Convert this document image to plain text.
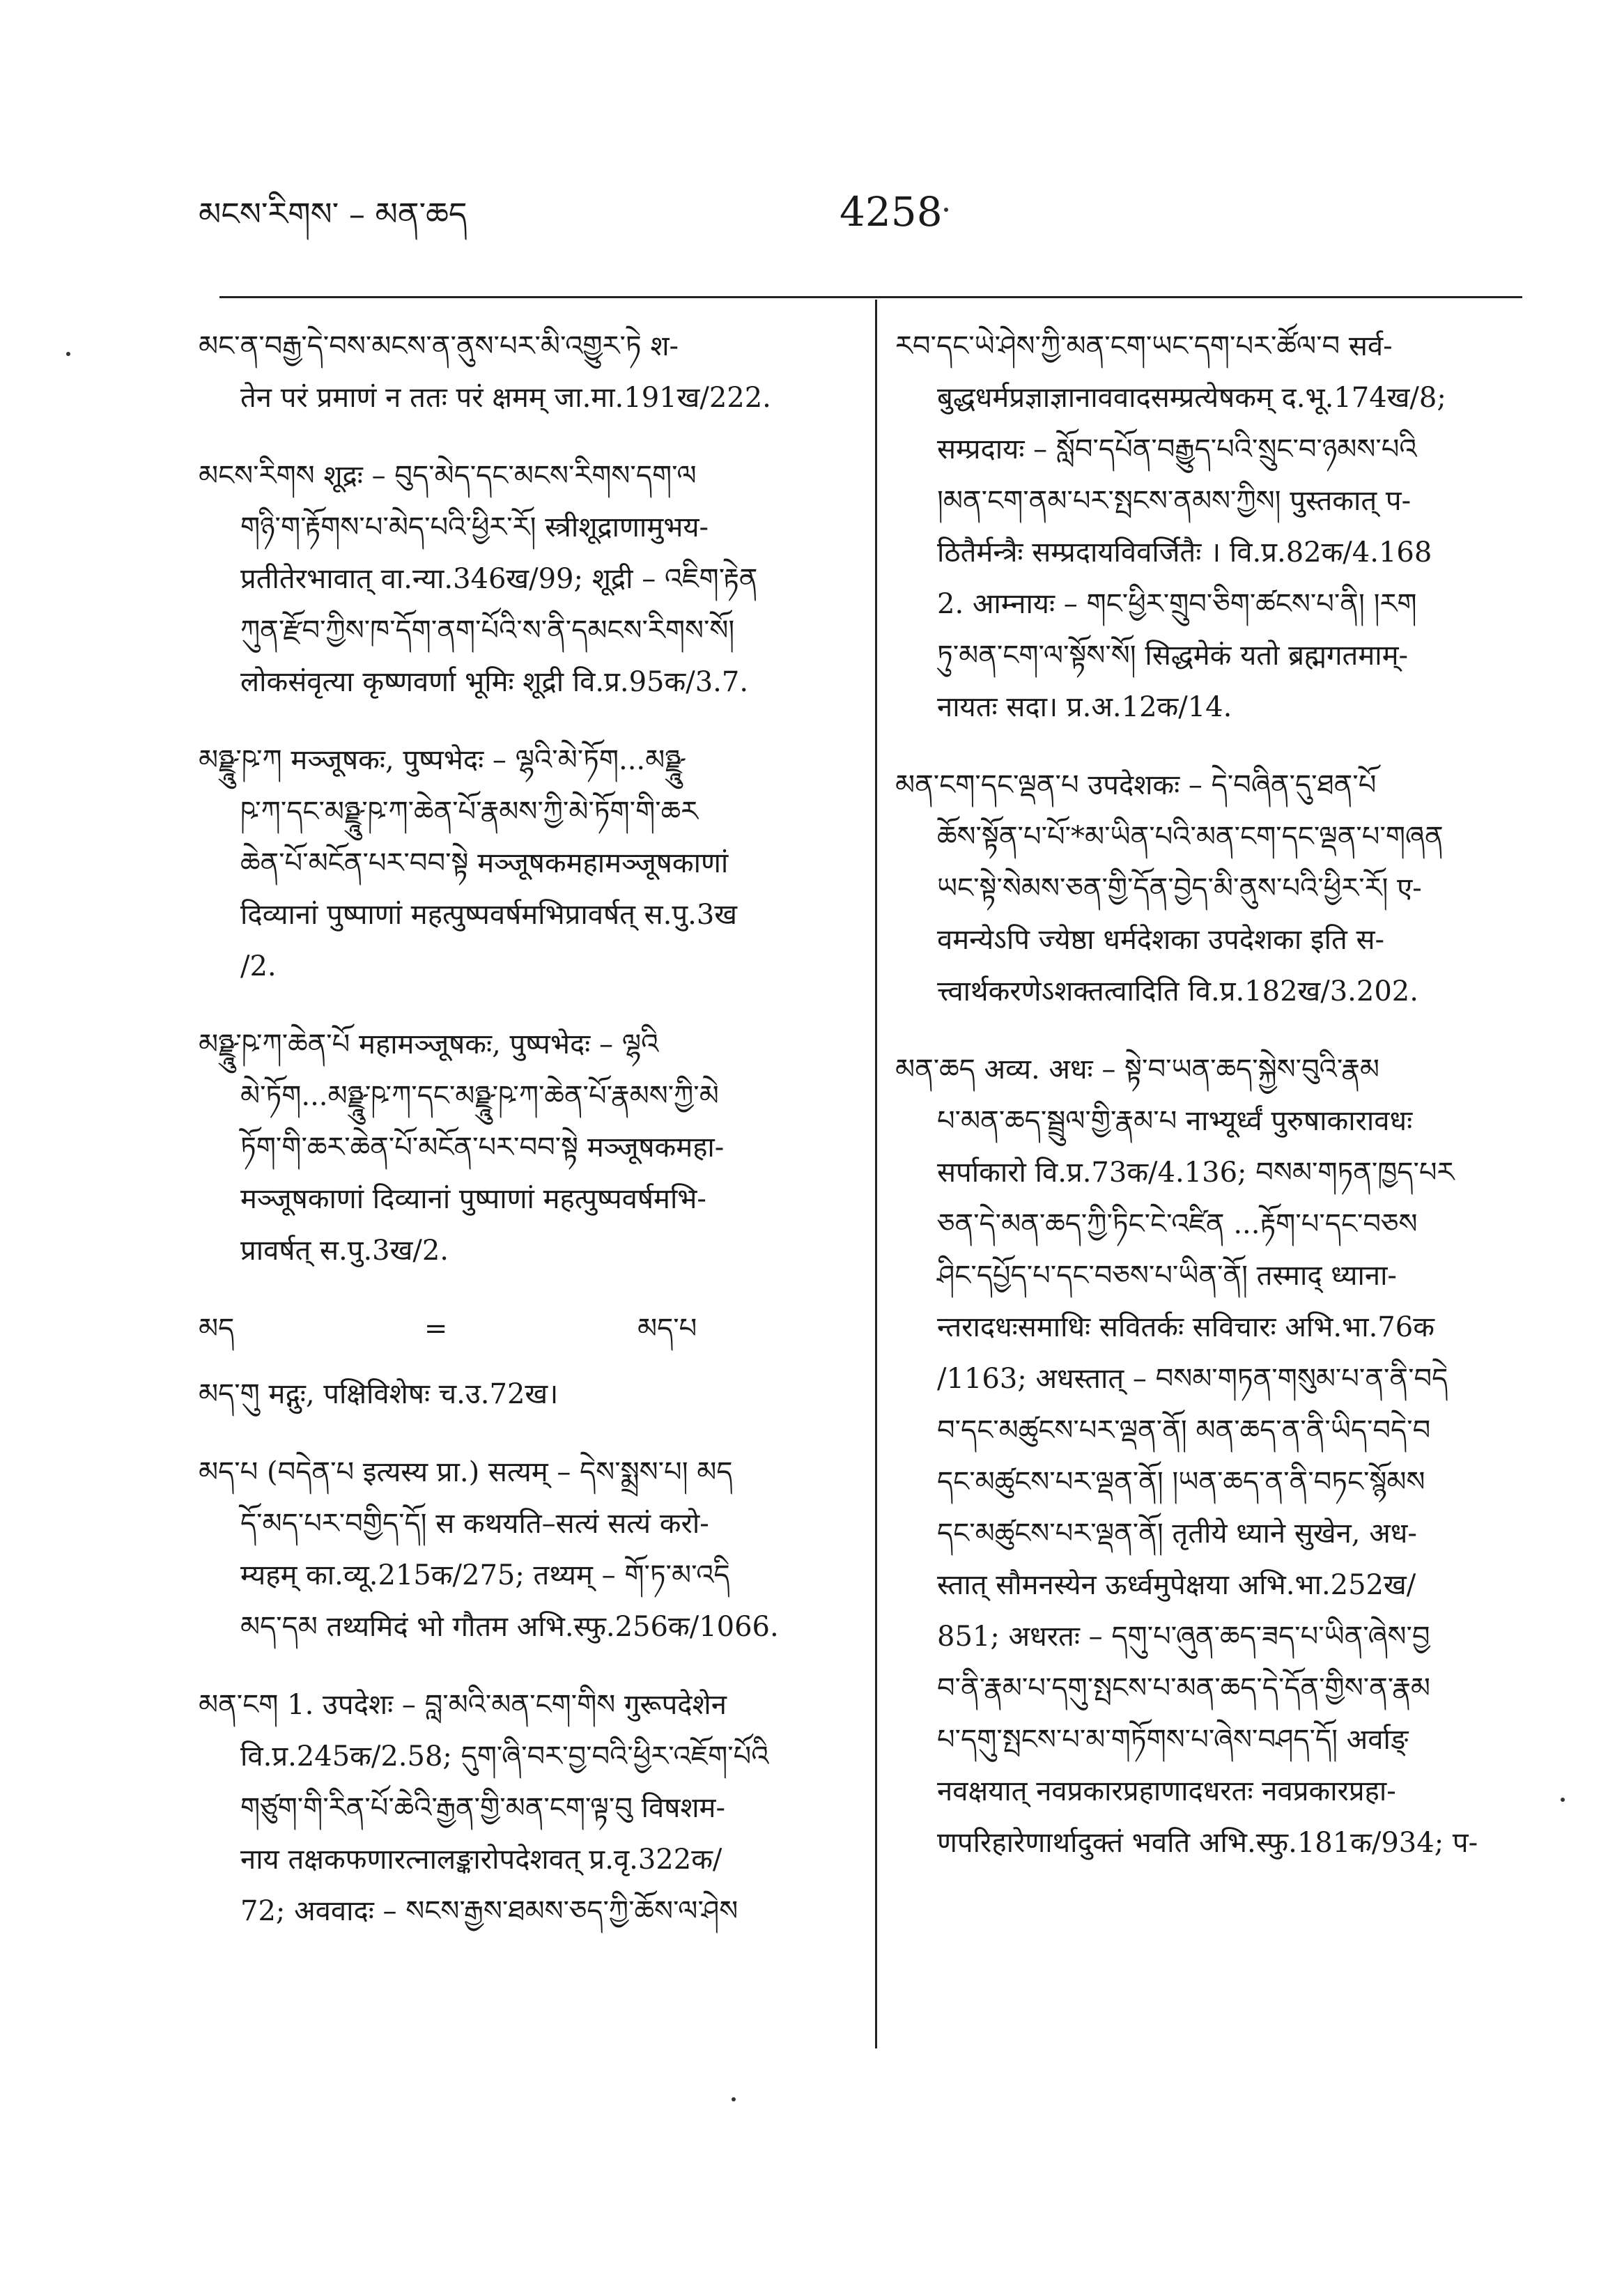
མངས་རིགས་ – མན་ཆད	4258

མང་ན་བརྒྱ་དེ་བས་མངས་ན་ནུས་པར་མི་འགྱུར་ཏེ श-

तेन परं प्रमाणं न ततः परं क्षमम् जा.मा.191ख/222.

མངས་རིགས शूद्रः – བུད་མེད་དང་མངས་རིགས་དག་ལ

གཉི་ག་རྟོགས་པ་མེད་པའི་ཕྱིར་རོ། स्त्रीशूद्राणामुभय-

प्रतीतेरभावात् वा.न्या.346ख/99; शूद्री – འཇིག་རྟེན

ཀུན་རྫོབ་ཀྱིས་ཁ་དོག་ནག་པོའི་ས་ནི་དམངས་རིགས་སོ།

लोकसंवृत्या कृष्णवर्णा भूमिः शूद्री वि.प्र.95क/3.7.

མཉྫཱུ་ཥ་ཀ मञ्जूषकः, पुष्पभेदः – ལྷའི་མེ་ཏོག...མཉྫཱུ

ཥ་ཀ་དང་མཉྫཱུ་ཥ་ཀ་ཆེན་པོ་རྣམས་ཀྱི་མེ་ཏོག་གི་ཆར

ཆེན་པོ་མངོན་པར་བབ་སྟེ मञ्जूषकमहामञ्जूषकाणां

दिव्यानां पुष्पाणां महत्पुष्पवर्षमभिप्रावर्षत् स.पु.3ख

/2.

མཉྫཱུ་ཥ་ཀ་ཆེན་པོ महामञ्जूषकः, पुष्पभेदः – ལྷའི

མེ་ཏོག...མཉྫཱུ་ཥ་ཀ་དང་མཉྫཱུ་ཥ་ཀ་ཆེན་པོ་རྣམས་ཀྱི་མེ

ཏོག་གི་ཆར་ཆེན་པོ་མངོན་པར་བབ་སྟེ मञ्जूषकमहा-

मञ्जूषकाणां दिव्यानां पुष्पाणां महत्पुष्पवर्षमभि-

प्रावर्षत् स.पु.3ख/2.

མད	=	མད་པ

མད་གུ मद्गुः, पक्षिविशेषः च.उ.72ख।

མད་པ (བདེན་པ इत्यस्य प्रा.) सत्यम् – དེས་སྨྲས་པ། མད

དོ་མད་པར་བགྱིད་དོ། स कथयति–सत्यं सत्यं करो-

म्यहम् का.व्यू.215क/275; तथ्यम् – གོ་ཏ་མ་འདི

མད་དམ तथ्यमिदं भो गौतम अभि.स्फु.256क/1066.

མན་ངག 1. उपदेशः – བླ་མའི་མན་ངག་གིས गुरूपदेशेन

वि.प्र.245क/2.58; དུག་ཞི་བར་བྱ་བའི་ཕྱིར་འཇོག་པོའི

གཙུག་གི་རིན་པོ་ཆེའི་རྒྱན་གྱི་མན་ངག་ལྟ་བུ विषशम-

नाय तक्षकफणारत्नालङ्कारोपदेशवत् प्र.वृ.322क/

72; अववादः – སངས་རྒྱས་ཐམས་ཅད་ཀྱི་ཆོས་ལ་ཤེས

རབ་དང་ཡེ་ཤེས་ཀྱི་མན་ངག་ཡང་དག་པར་ཚོལ་བ सर्व-

बुद्धधर्मप्रज्ञाज्ञानाववादसम्प्रत्येषकम् द.भू.174ख/8;

सम्प्रदायः – སློབ་དཔོན་བརྒྱུད་པའི་སྲུང་བ་ཉམས་པའི

།མན་ངག་ནམ་པར་སྤངས་ནམས་ཀྱིས། पुस्तकात् प-

ठितैर्मन्त्रैः सम्प्रदायविवर्जितैः । वि.प्र.82क/4.168

2. आम्नायः – གང་ཕྱིར་གྲུབ་ཅིག་ཚངས་པ་ནི། །རག

ཏུ་མན་ངག་ལ་སྟོས་སོ། सिद्धमेकं यतो ब्रह्मगतमाम्-

नायतः सदा। प्र.अ.12क/14.

མན་ངག་དང་ལྡན་པ उपदेशकः – དེ་བཞིན་དུ་ཐན་པོ

ཆོས་སྟོན་པ་པོ་*མ་ཡིན་པའི་མན་ངག་དང་ལྡན་པ་གཞན

ཡང་སྟེ་སེམས་ཅན་གྱི་དོན་བྱེད་མི་ནུས་པའི་ཕྱིར་རོ། ए-

वमन्येऽपि ज्येष्ठा धर्मदेशका उपदेशका इति स-

त्त्वार्थकरणेऽशक्तत्वादिति वि.प्र.182ख/3.202.

མན་ཆད अव्य. अधः – སྟེ་བ་ཡན་ཆད་སྐྱེས་བུའི་རྣམ

པ་མན་ཆད་སྦྲུལ་གྱི་རྣམ་པ नाभ्यूर्ध्वं पुरुषाकारावधः

सर्पाकारो वि.प्र.73क/4.136; བསམ་གཏན་ཁྱད་པར

ཅན་དེ་མན་ཆད་ཀྱི་ཏིང་ངེ་འཛིན ...རྟོག་པ་དང་བཅས

ཤིང་དཔྱོད་པ་དང་བཅས་པ་ཡིན་ནོ། तस्माद् ध्याना-

न्तरादधःसमाधिः सवितर्कः सविचारः अभि.भा.76क

/1163; अधस्तात् – བསམ་གཏན་གསུམ་པ་ན་ནི་བདེ

བ་དང་མཚུངས་པར་ལྡན་ནོ། མན་ཆད་ན་ནི་ཡིད་བདེ་བ

དང་མཚུངས་པར་ལྡན་ནོ། །ཡན་ཆད་ན་ནི་བཏང་སྙོམས

དང་མཚུངས་པར་ལྡན་ནོ། तृतीये ध्याने सुखेन, अध-

स्तात् सौमनस्येन ऊर्ध्वमुपेक्षया अभि.भा.252ख/

851; अधरतः – དགུ་པ་ཞུན་ཆད་ཟད་པ་ཡིན་ཞེས་བྱ

བ་ནི་རྣམ་པ་དགུ་སྤངས་པ་མན་ཆད་དེ་དོན་གྱིས་ན་རྣམ

པ་དགུ་སྤངས་པ་མ་གཏོགས་པ་ཞེས་བཤད་དོ། अर्वाङ्

नवक्षयात् नवप्रकारप्रहाणादधरतः नवप्रकारप्रहा-

णपरिहारेणार्थादुक्तं भवति अभि.स्फु.181क/934; प-
